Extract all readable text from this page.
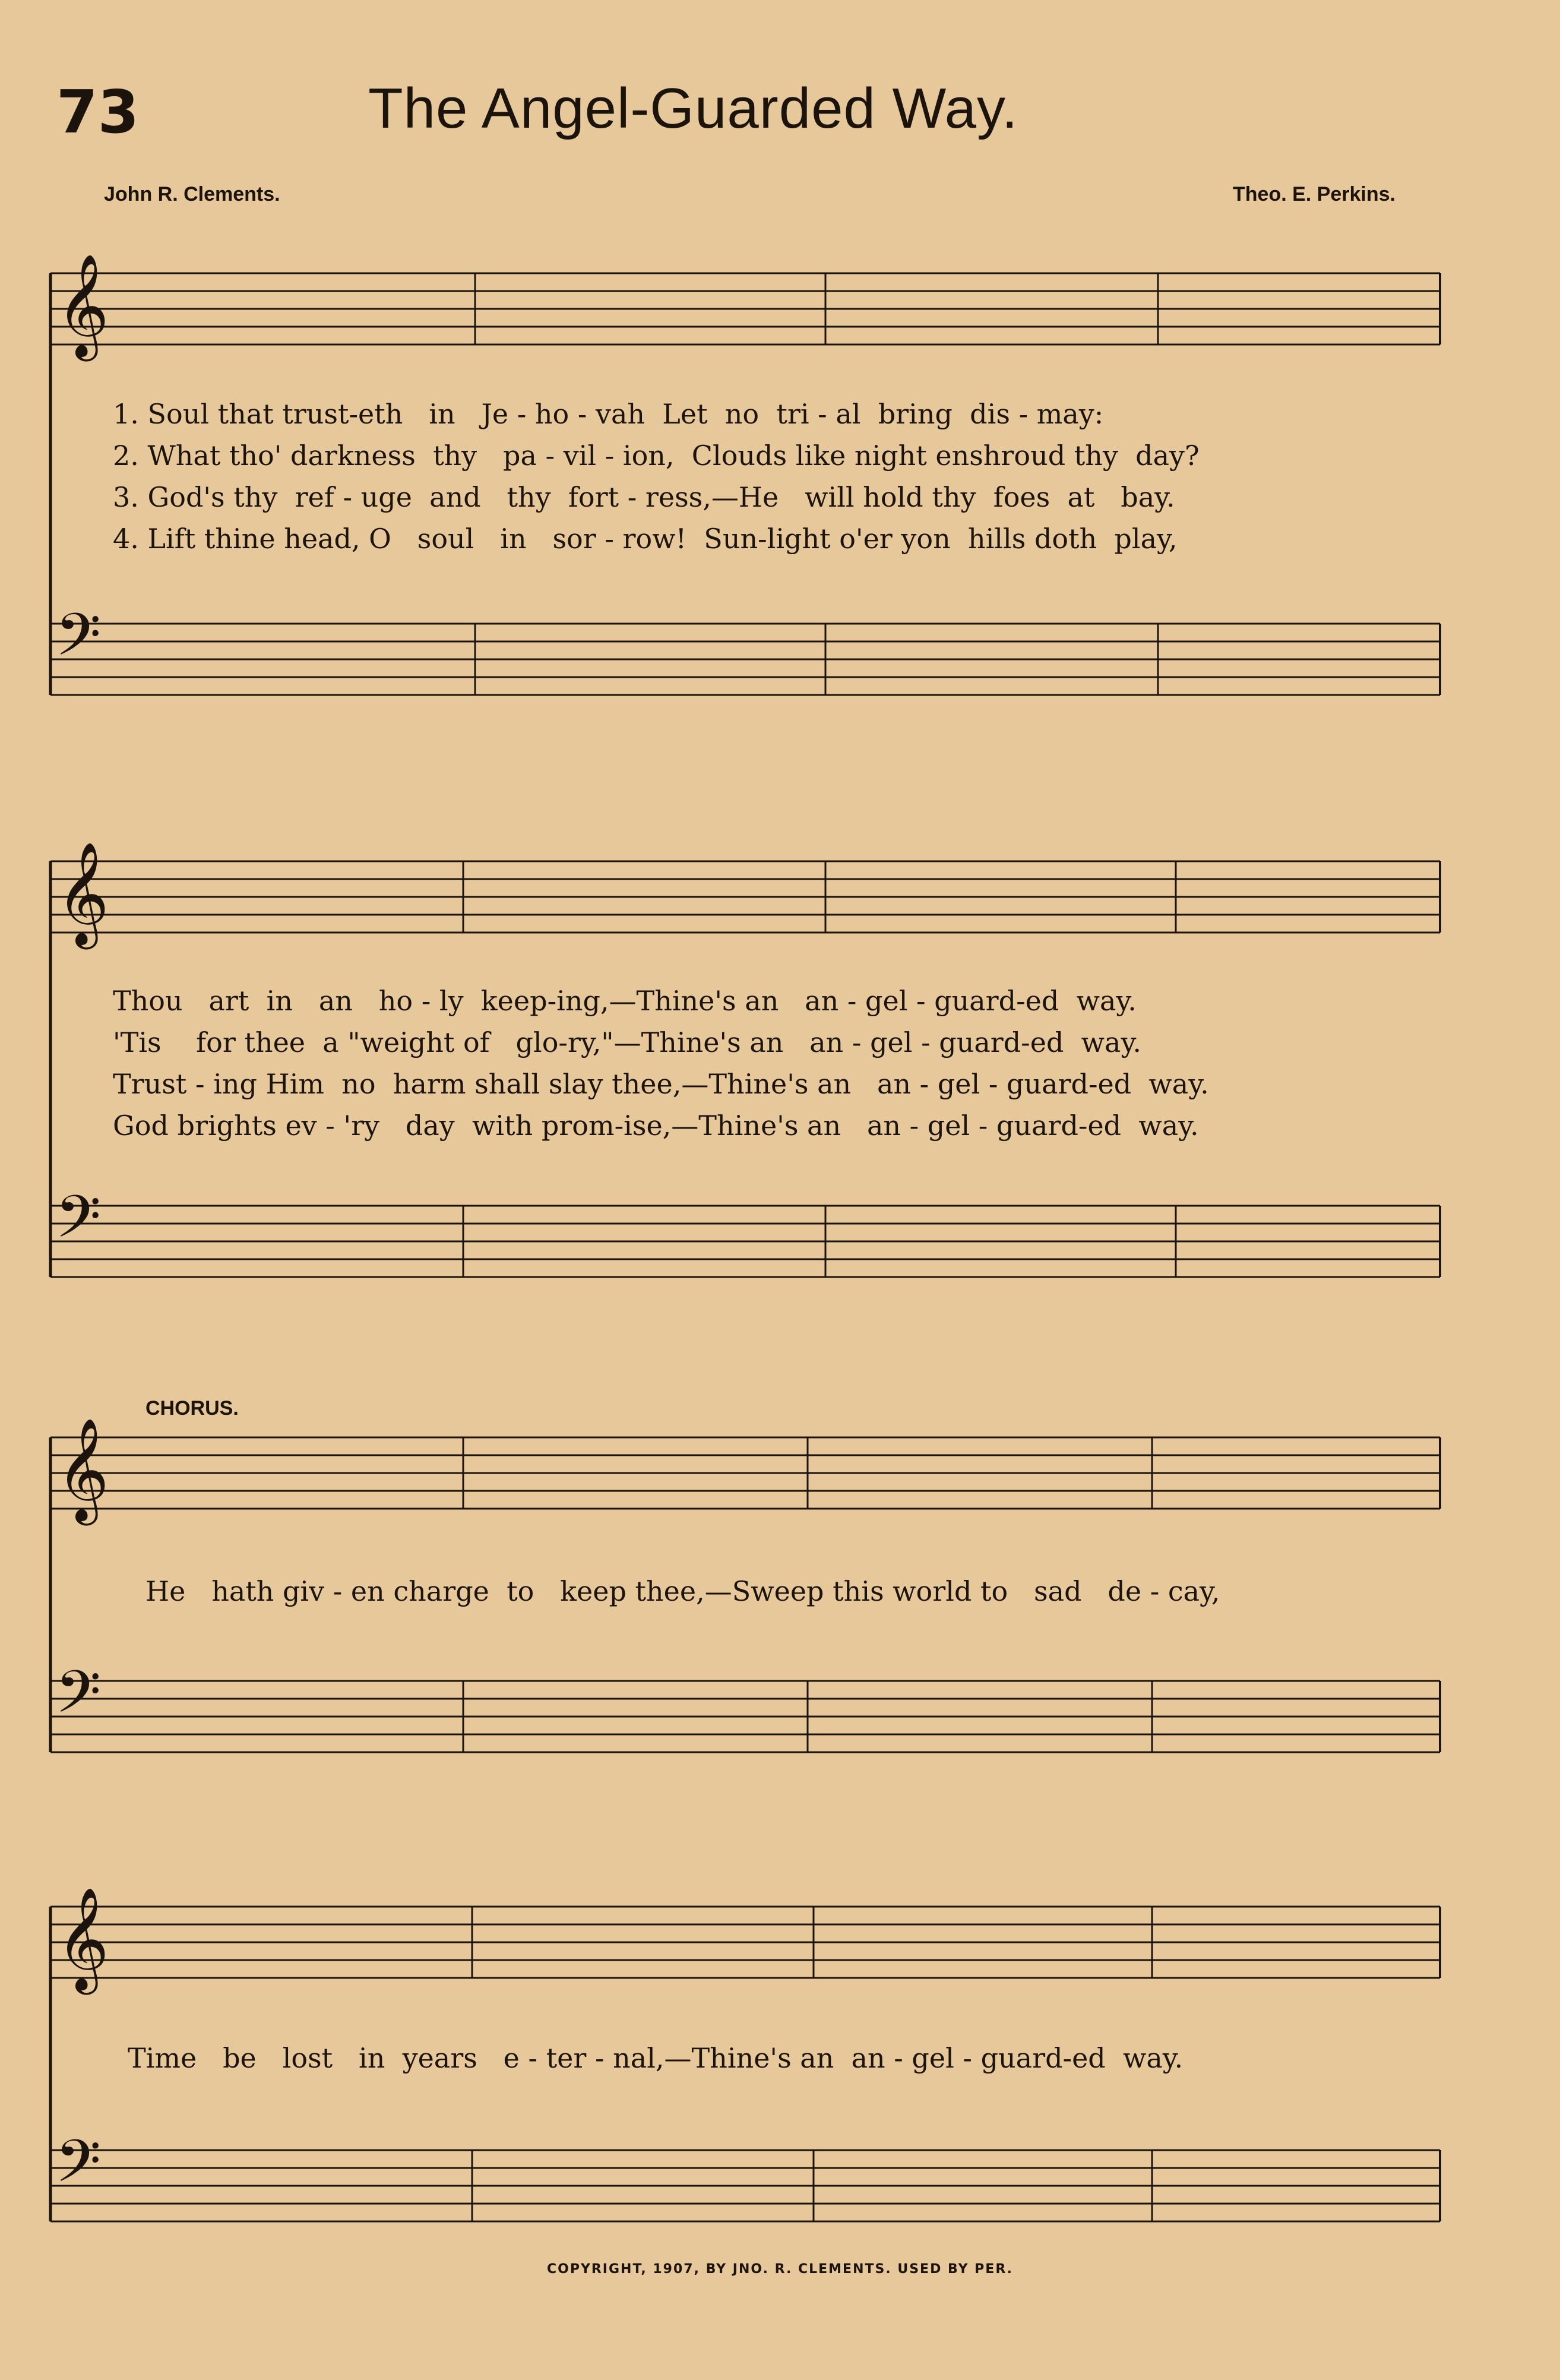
73	The Angel-Guarded Way.
John R. Clements.	Theo. E. Perkins.
𝄞
𝄢
𝄞
𝄢
𝄞
𝄢
𝄞
𝄢
1. Soul that trust-eth   in   Je - ho - vah  Let  no  tri - al  bring  dis - may:
2. What tho' darkness  thy   pa - vil - ion,  Clouds like night enshroud thy  day?
3. God's thy  ref - uge  and   thy  fort - ress,—He   will hold thy  foes  at   bay.
4. Lift thine head, O   soul   in   sor - row!  Sun-light o'er yon  hills doth  play,
Thou   art  in   an   ho - ly  keep-ing,—Thine's an   an - gel - guard-ed  way.
'Tis    for thee  a "weight of   glo-ry,"—Thine's an   an - gel - guard-ed  way.
Trust - ing Him  no  harm shall slay thee,—Thine's an   an - gel - guard-ed  way.
God brights ev - 'ry   day  with prom-ise,—Thine's an   an - gel - guard-ed  way.
CHORUS.
He   hath giv - en charge  to   keep thee,—Sweep this world to   sad   de - cay,
Time   be   lost   in  years   e - ter - nal,—Thine's an  an - gel - guard-ed  way.
COPYRIGHT, 1907, BY JNO. R. CLEMENTS. USED BY PER.
